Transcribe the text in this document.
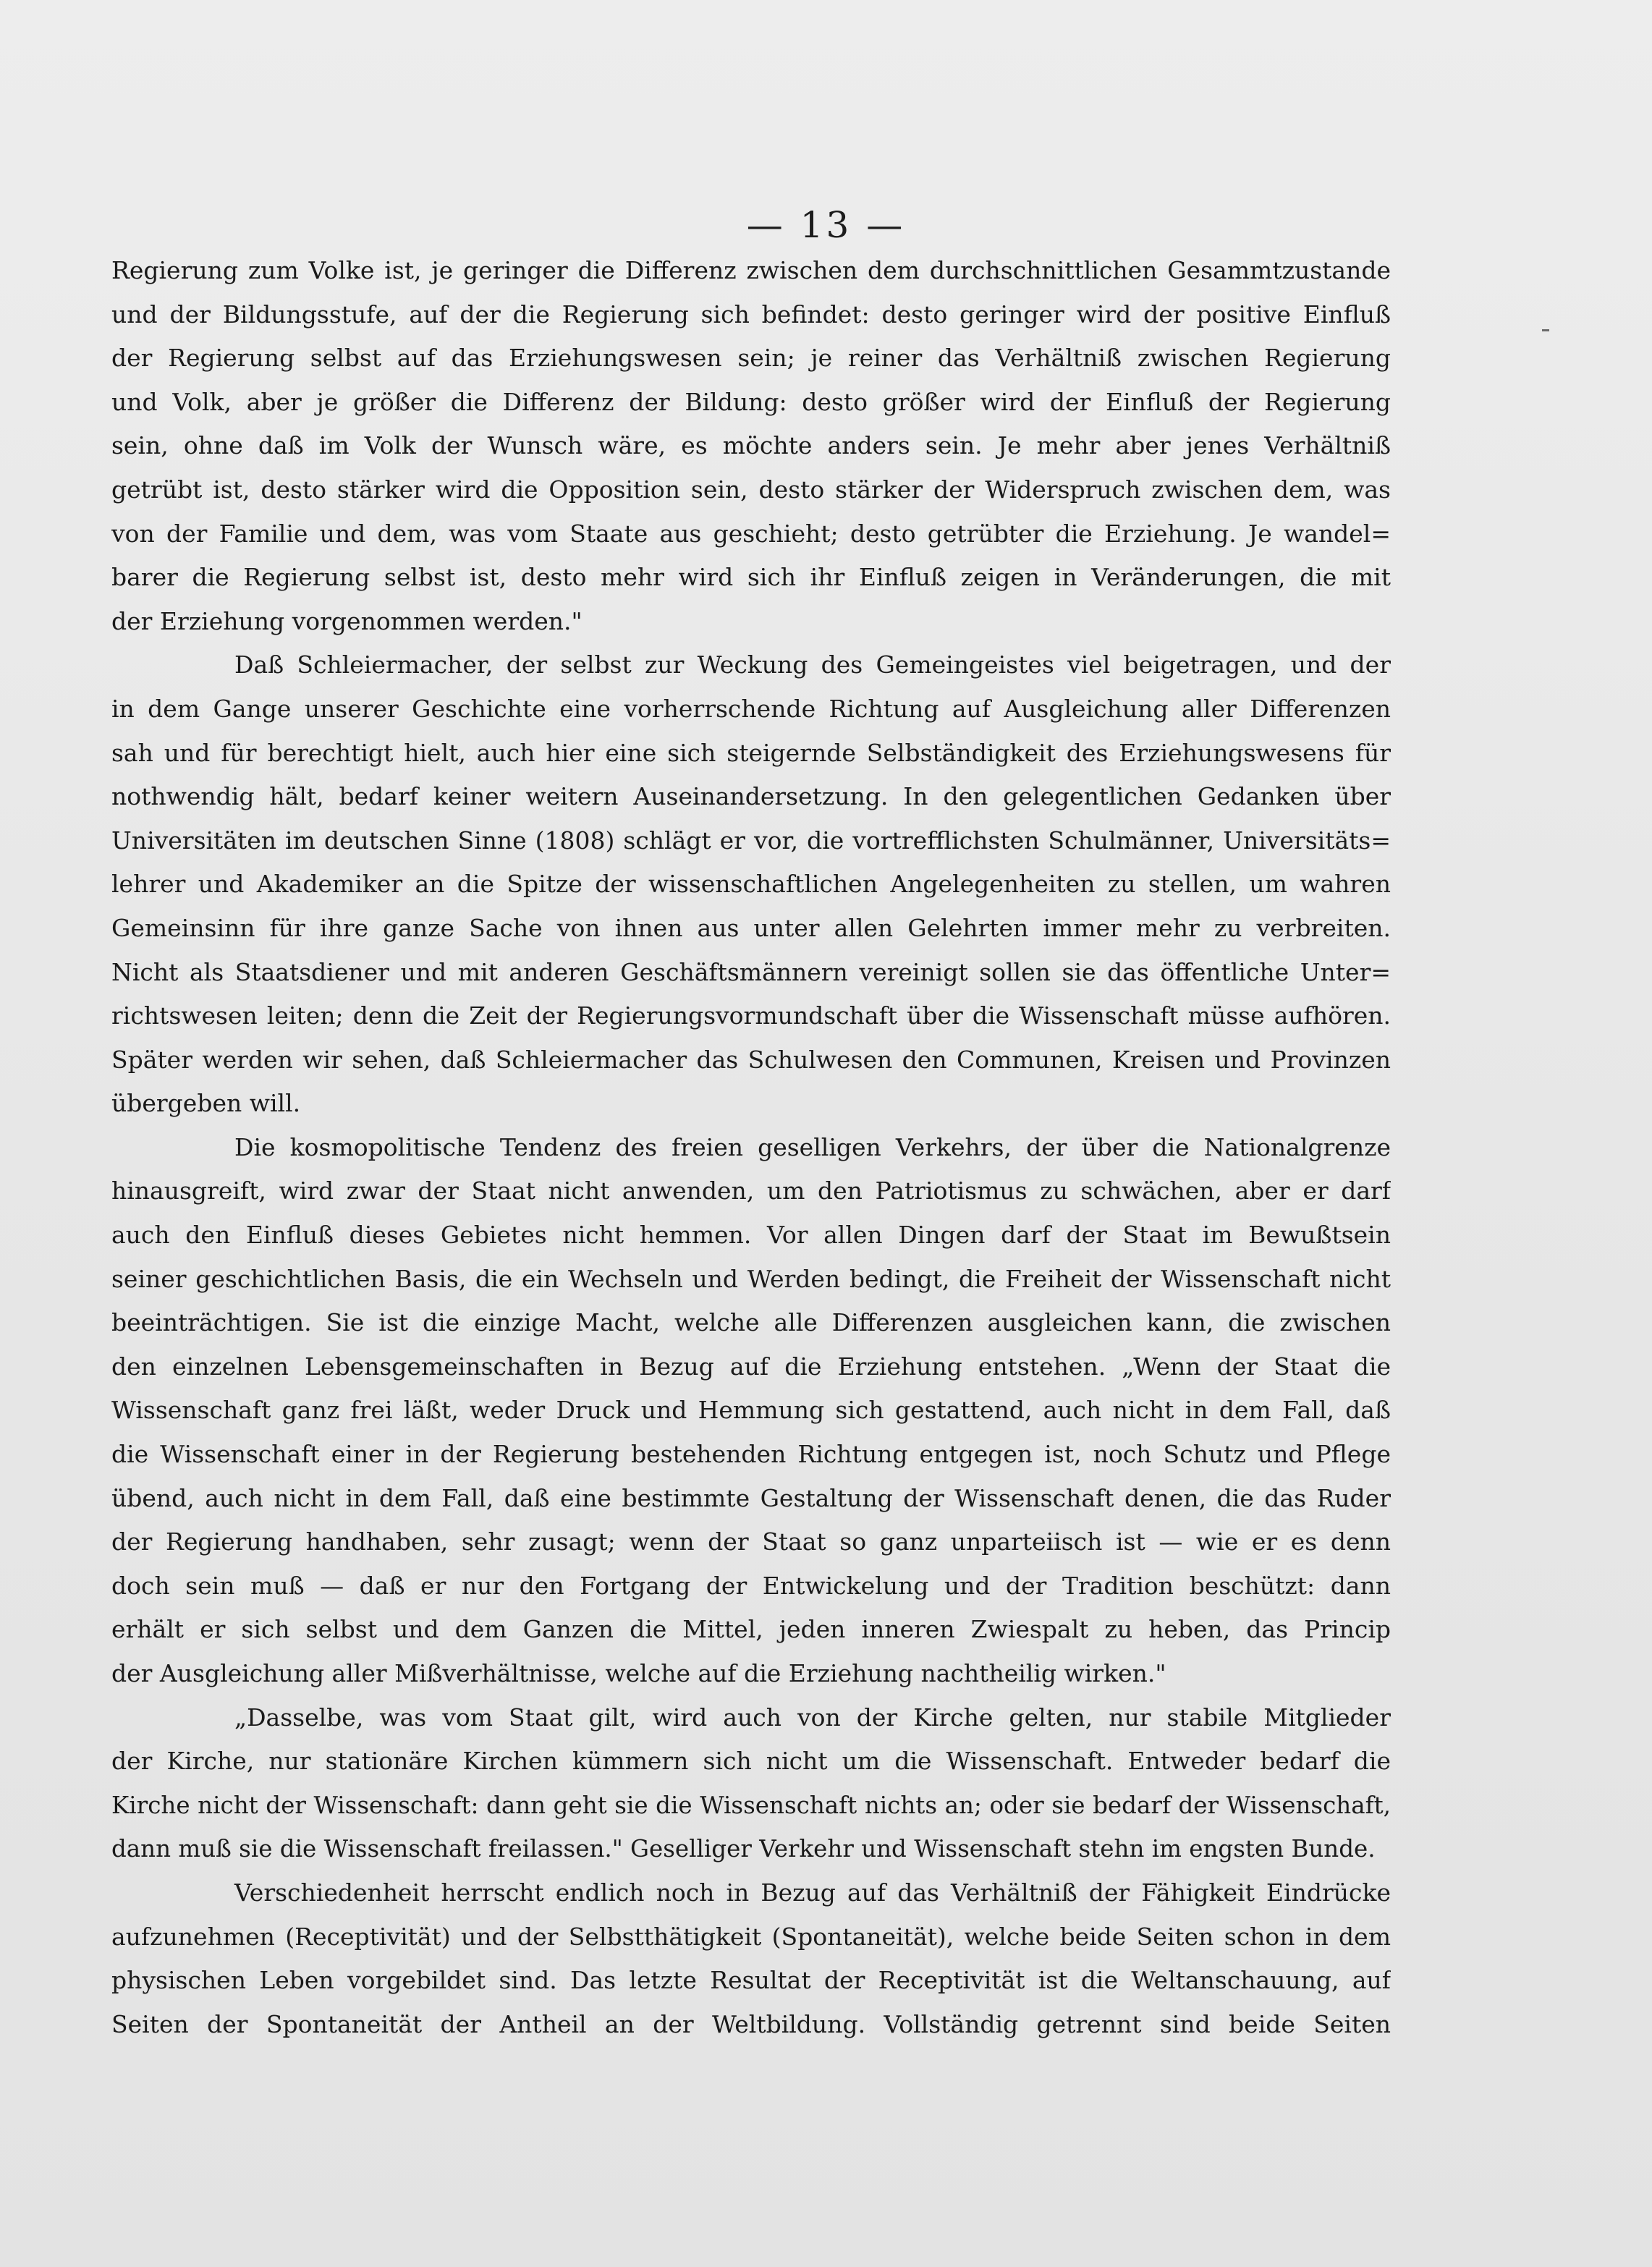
— 13 —
Regierung zum Volke ist, je geringer die Differenz zwischen dem durchschnittlichen Gesammtzustande
und der Bildungsstufe, auf der die Regierung sich befindet: desto geringer wird der positive Einfluß
der Regierung selbst auf das Erziehungswesen sein; je reiner das Verhältniß zwischen Regierung
und Volk, aber je größer die Differenz der Bildung: desto größer wird der Einfluß der Regierung
sein, ohne daß im Volk der Wunsch wäre, es möchte anders sein. Je mehr aber jenes Verhältniß
getrübt ist, desto stärker wird die Opposition sein, desto stärker der Widerspruch zwischen dem, was
von der Familie und dem, was vom Staate aus geschieht; desto getrübter die Erziehung. Je wandel=
barer die Regierung selbst ist, desto mehr wird sich ihr Einfluß zeigen in Veränderungen, die mit
der Erziehung vorgenommen werden."
Daß Schleiermacher, der selbst zur Weckung des Gemeingeistes viel beigetragen, und der
in dem Gange unserer Geschichte eine vorherrschende Richtung auf Ausgleichung aller Differenzen
sah und für berechtigt hielt, auch hier eine sich steigernde Selbständigkeit des Erziehungswesens für
nothwendig hält, bedarf keiner weitern Auseinandersetzung. In den gelegentlichen Gedanken über
Universitäten im deutschen Sinne (1808) schlägt er vor, die vortrefflichsten Schulmänner, Universitäts=
lehrer und Akademiker an die Spitze der wissenschaftlichen Angelegenheiten zu stellen, um wahren
Gemeinsinn für ihre ganze Sache von ihnen aus unter allen Gelehrten immer mehr zu verbreiten.
Nicht als Staatsdiener und mit anderen Geschäftsmännern vereinigt sollen sie das öffentliche Unter=
richtswesen leiten; denn die Zeit der Regierungsvormundschaft über die Wissenschaft müsse aufhören.
Später werden wir sehen, daß Schleiermacher das Schulwesen den Communen, Kreisen und Provinzen
übergeben will.
Die kosmopolitische Tendenz des freien geselligen Verkehrs, der über die Nationalgrenze
hinausgreift, wird zwar der Staat nicht anwenden, um den Patriotismus zu schwächen, aber er darf
auch den Einfluß dieses Gebietes nicht hemmen. Vor allen Dingen darf der Staat im Bewußtsein
seiner geschichtlichen Basis, die ein Wechseln und Werden bedingt, die Freiheit der Wissenschaft nicht
beeinträchtigen. Sie ist die einzige Macht, welche alle Differenzen ausgleichen kann, die zwischen
den einzelnen Lebensgemeinschaften in Bezug auf die Erziehung entstehen. „Wenn der Staat die
Wissenschaft ganz frei läßt, weder Druck und Hemmung sich gestattend, auch nicht in dem Fall, daß
die Wissenschaft einer in der Regierung bestehenden Richtung entgegen ist, noch Schutz und Pflege
übend, auch nicht in dem Fall, daß eine bestimmte Gestaltung der Wissenschaft denen, die das Ruder
der Regierung handhaben, sehr zusagt; wenn der Staat so ganz unparteiisch ist — wie er es denn
doch sein muß — daß er nur den Fortgang der Entwickelung und der Tradition beschützt: dann
erhält er sich selbst und dem Ganzen die Mittel, jeden inneren Zwiespalt zu heben, das Princip
der Ausgleichung aller Mißverhältnisse, welche auf die Erziehung nachtheilig wirken."
„Dasselbe, was vom Staat gilt, wird auch von der Kirche gelten, nur stabile Mitglieder
der Kirche, nur stationäre Kirchen kümmern sich nicht um die Wissenschaft. Entweder bedarf die
Kirche nicht der Wissenschaft: dann geht sie die Wissenschaft nichts an; oder sie bedarf der Wissenschaft,
dann muß sie die Wissenschaft freilassen." Geselliger Verkehr und Wissenschaft stehn im engsten Bunde.
Verschiedenheit herrscht endlich noch in Bezug auf das Verhältniß der Fähigkeit Eindrücke
aufzunehmen (Receptivität) und der Selbstthätigkeit (Spontaneität), welche beide Seiten schon in dem
physischen Leben vorgebildet sind. Das letzte Resultat der Receptivität ist die Weltanschauung, auf
Seiten der Spontaneität der Antheil an der Weltbildung. Vollständig getrennt sind beide Seiten
